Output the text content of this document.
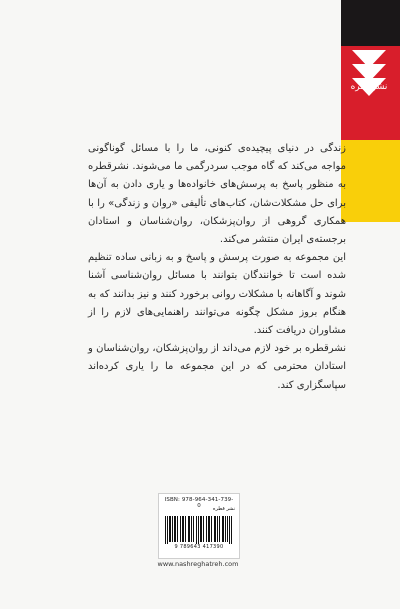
نشرقطره

زندگی در دنیای پیچیده‌ی کنونی، ما را با مسائل گوناگونی مواجه می‌کند که گاه موجب سردرگمی ما می‌شوند. نشرقطره به منظور پاسخ به پرسش‌های خانواده‌ها و یاری دادن به آن‌ها برای حل مشکلات‌شان، کتاب‌های تألیفی «روان و زندگی» را با همکاری گروهی از روان‌پزشکان، روان‌شناسان و استادان برجسته‌ی ایران منتشر می‌کند.

این مجموعه به صورت پرسش و پاسخ و به زبانی ساده تنظیم شده است تا خوانندگان بتوانند با مسائل روان‌شناسی آشنا شوند و آگاهانه با مشکلات روانی برخورد کنند و نیز بدانند که به هنگام بروز مشکل چگونه می‌توانند راهنمایی‌های لازم را از مشاوران دریافت کنند.

نشرقطره بر خود لازم می‌داند از روان‌پزشکان، روان‌شناسان و استادان محترمی که در این مجموعه ما را یاری کرده‌اند سپاسگزاری کند.

ISBN: 978-964-341-739-0	نشر قطره
9 789643 417390
www.nashreghatreh.com
